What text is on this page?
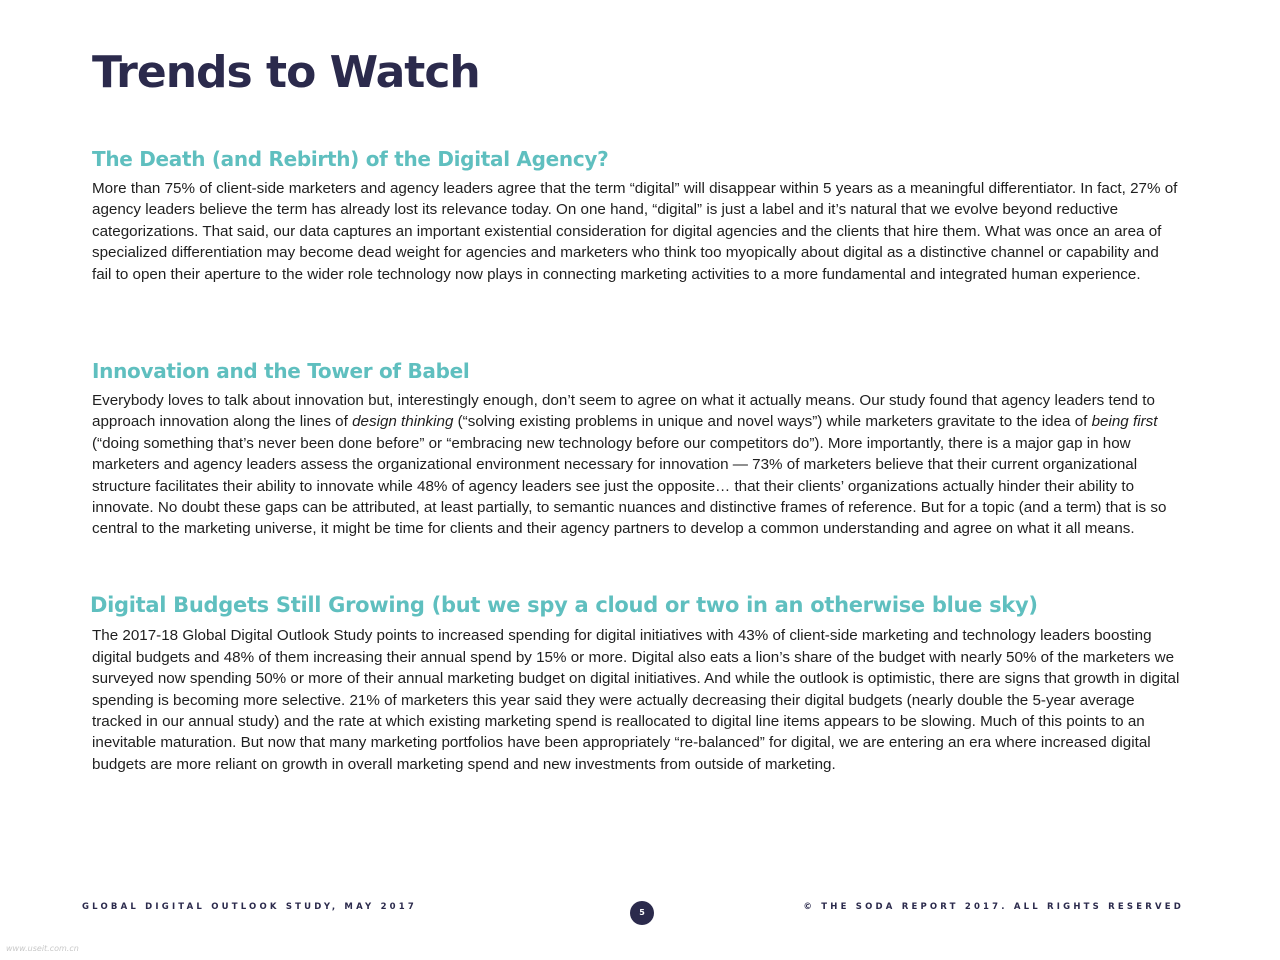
Trends to Watch
The Death (and Rebirth) of the Digital Agency?

More than 75% of client-side marketers and agency leaders agree that the term “digital” will disappear within 5 years as a meaningful differentiator. In fact, 27% of agency leaders believe the term has already lost its relevance today. On one hand, “digital” is just a label and it’s natural that we evolve beyond reductive categorizations. That said, our data captures an important existential consideration for digital agencies and the clients that hire them. What was once an area of specialized differentiation may become dead weight for agencies and marketers who think too myopically about digital as a distinctive channel or capability and fail to open their aperture to the wider role technology now plays in connecting marketing activities to a more fundamental and integrated human experience.

Innovation and the Tower of Babel

Everybody loves to talk about innovation but, interestingly enough, don’t seem to agree on what it actually means. Our study found that agency leaders tend to approach innovation along the lines of design thinking (“solving existing problems in unique and novel ways”) while marketers gravitate to the idea of being first (“doing something that’s never been done before” or “embracing new technology before our competitors do”). More importantly, there is a major gap in how marketers and agency leaders assess the organizational environment necessary for innovation — 73% of marketers believe that their current organizational structure facilitates their ability to innovate while 48% of agency leaders see just the opposite… that their clients’ organizations actually hinder their ability to innovate. No doubt these gaps can be attributed, at least partially, to semantic nuances and distinctive frames of reference. But for a topic (and a term) that is so central to the marketing universe, it might be time for clients and their agency partners to develop a common understanding and agree on what it all means.

Digital Budgets Still Growing (but we spy a cloud or two in an otherwise blue sky)

The 2017-18 Global Digital Outlook Study points to increased spending for digital initiatives with 43% of client-side marketing and technology leaders boosting digital budgets and 48% of them increasing their annual spend by 15% or more. Digital also eats a lion’s share of the budget with nearly 50% of the marketers we surveyed now spending 50% or more of their annual marketing budget on digital initiatives. And while the outlook is optimistic, there are signs that growth in digital spending is becoming more selective. 21% of marketers this year said they were actually decreasing their digital budgets (nearly double the 5-year average tracked in our annual study) and the rate at which existing marketing spend is reallocated to digital line items appears to be slowing. Much of this points to an inevitable maturation. But now that many marketing portfolios have been appropriately “re-balanced” for digital, we are entering an era where increased digital budgets are more reliant on growth in overall marketing spend and new investments from outside of marketing.

GLOBAL DIGITAL OUTLOOK STUDY, MAY 2017
5
© THE SODA REPORT 2017. ALL RIGHTS RESERVED
www.useit.com.cn
